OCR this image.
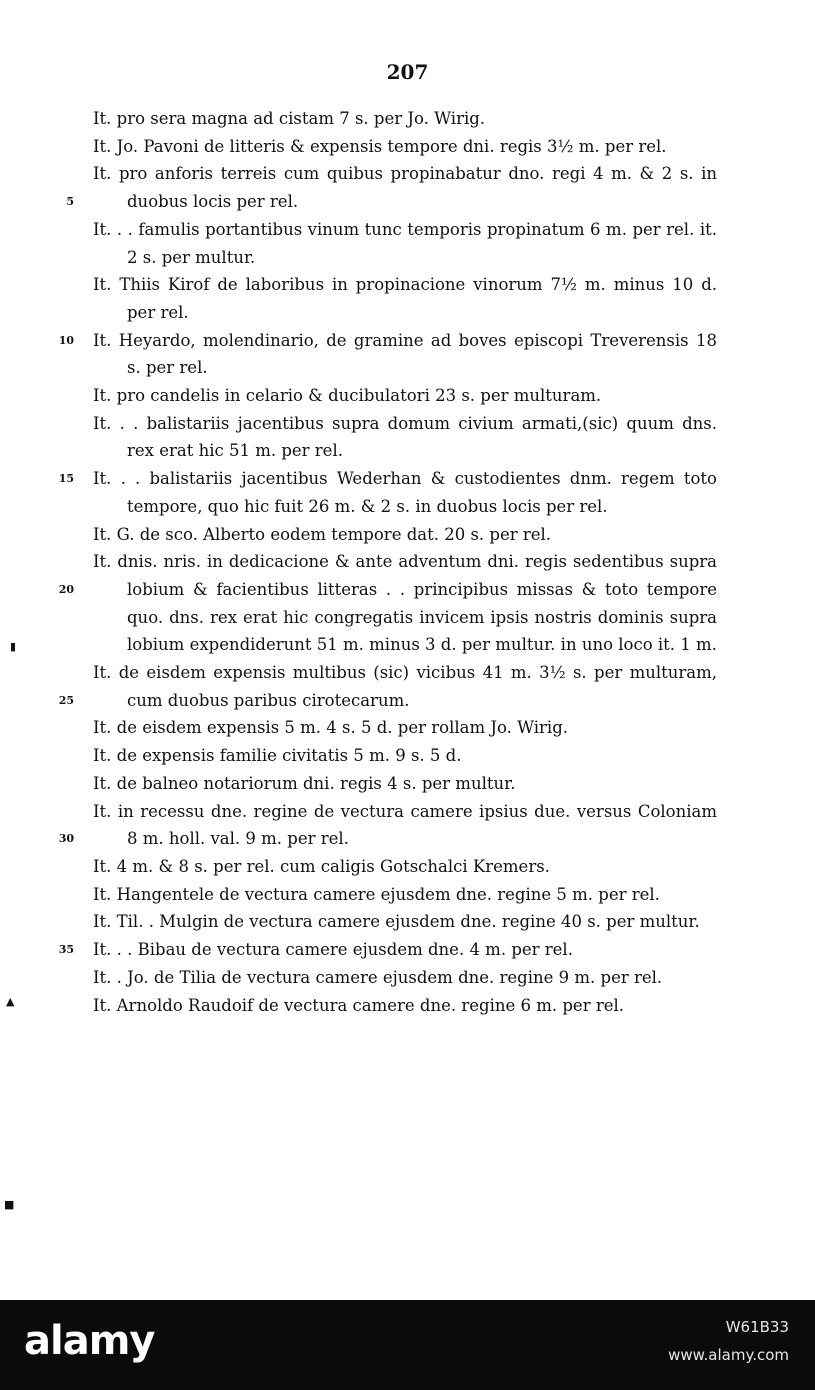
207
▮
▲
■
It. pro sera magna ad cistam 7 s. per Jo. Wirig.
It. Jo. Pavoni de litteris & expensis tempore dni. regis 3½ m. per rel.
5
It. pro anforis terreis cum quibus propinabatur dno. regi 4 m. & 2 s. in duobus locis per rel.
It. . . famulis portantibus vinum tunc temporis propinatum 6 m. per rel. it. 2 s. per multur.
It. Thiis Kirof de laboribus in propinacione vinorum 7½ m. minus 10 d. per rel.
10 It. Heyardo, molendinario, de gramine ad boves episcopi Treverensis 18 s. per rel.
It. pro candelis in celario & ducibulatori 23 s. per multuram.
It. . . balistariis jacentibus supra domum civium armati,(sic) quum dns. rex erat hic 51 m. per rel.
15 It. . . balistariis jacentibus Wederhan & custodientes dnm. regem toto tempore, quo hic fuit 26 m. & 2 s. in duobus locis per rel.
It. G. de sco. Alberto eodem tempore dat. 20 s. per rel.
20
It. dnis. nris. in dedicacione & ante adventum dni. regis sedentibus supra lobium & facientibus litteras . . principibus missas & toto tempore quo. dns. rex erat hic congregatis invicem ipsis nostris dominis supra lobium expendiderunt 51 m. minus 3 d. per multur. in uno loco it. 1 m.
25
It. de eisdem expensis multibus (sic) vicibus 41 m. 3½ s. per multuram, cum duobus paribus cirotecarum.
It. de eisdem expensis 5 m. 4 s. 5 d. per rollam Jo. Wirig.
It. de expensis familie civitatis 5 m. 9 s. 5 d.
It. de balneo notariorum dni. regis 4 s. per multur.
30
It. in recessu dne. regine de vectura camere ipsius due. versus Coloniam 8 m. holl. val. 9 m. per rel.
It. 4 m. & 8 s. per rel. cum caligis Gotschalci Kremers.
It. Hangentele de vectura camere ejusdem dne. regine 5 m. per rel.
35
It. Til. . Mulgin de vectura camere ejusdem dne. regine 40 s. per multur.
It. . . Bibau de vectura camere ejusdem dne. 4 m. per rel.
It. . Jo. de Tilia de vectura camere ejusdem dne. regine 9 m. per rel.
It. Arnoldo Raudoif de vectura camere dne. regine 6 m. per rel.
alamy	W61B33
www.alamy.com
